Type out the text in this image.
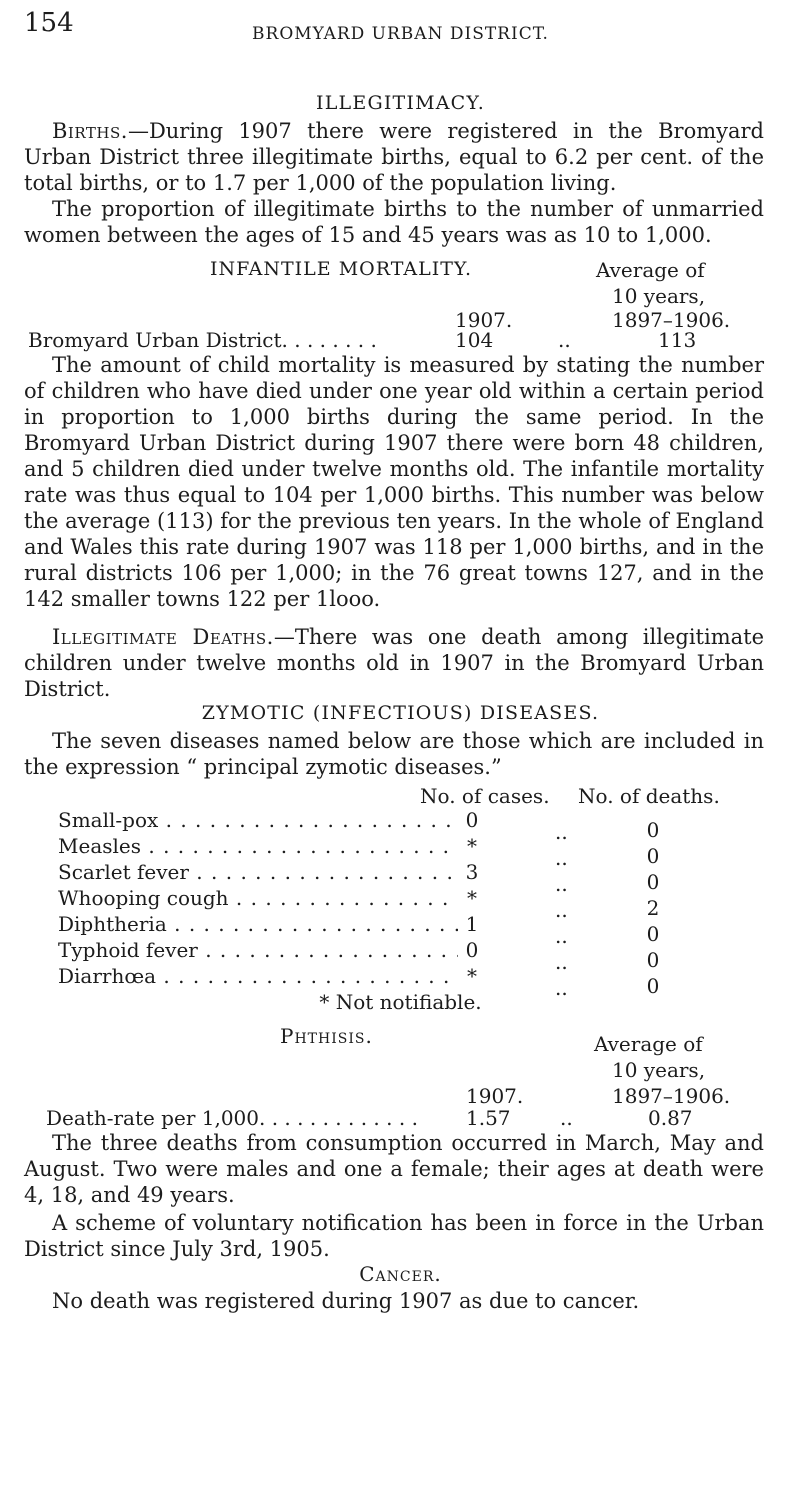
154	BROMYARD URBAN DISTRICT.
ILLEGITIMACY.
Births.—During 1907 there were registered in the Bromyard Urban District three illegitimate births, equal to 6.2 per cent. of the total births, or to 1.7 per 1,000 of the population living.
The proportion of illegitimate births to the number of unmarried women between the ages of 15 and 45 years was as 10 to 1,000.
INFANTILE MORTALITY.	Average of
10 years,
1907.	1897–1906.
Bromyard Urban District. . . . . . . .	104	..	113
The amount of child mortality is measured by stating the number of children who have died under one year old within a certain period in proportion to 1,000 births during the same period. In the Bromyard Urban District during 1907 there were born 48 children, and 5 children died under twelve months old. The infantile mortality rate was thus equal to 104 per 1,000 births. This number was below the average (113) for the previous ten years. In the whole of England and Wales this rate during 1907 was 118 per 1,000 births, and in the rural districts 106 per 1,000; in the 76 great towns 127, and in the 142 smaller towns 122 per 1looo.
Illegitimate Deaths.—There was one death among illegitimate children under twelve months old in 1907 in the Bromyard Urban District.
ZYMOTIC (INFECTIOUS) DISEASES.
The seven diseases named below are those which are included in the expression “ principal zymotic diseases.”
No. of cases. No. of deaths.
Small-pox . . .	0	..	0
Measles . . .	*	..	0
Scarlet fever . . .	3	..	0
Whooping cough . . .	*	..	2
Diphtheria . . .	1	..	0
Typhoid fever . . .	0	..	0
Diarrhœa . . .	*	..	0
* Not notifiable.
Phthisis.	Average of
10 years,
1907.	1897–1906.
Death-rate per 1,000. . . . . . . . . . . . . 1.57 ..	0.87
The three deaths from consumption occurred in March, May and August. Two were males and one a female; their ages at death were 4, 18, and 49 years.
A scheme of voluntary notification has been in force in the Urban District since July 3rd, 1905.
Cancer.
No death was registered during 1907 as due to cancer.
